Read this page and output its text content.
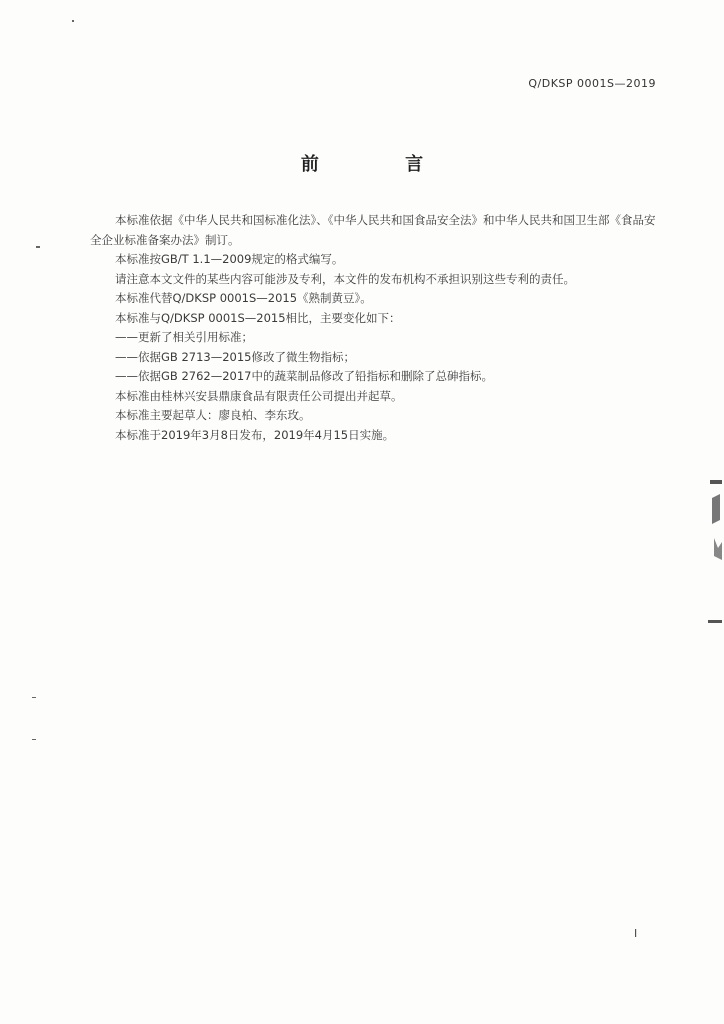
Q/DKSP 0001S—2019
前 言

本标准依据《中华人民共和国标准化法》、《中华人民共和国食品安全法》和中华人民共和国卫生部《食品安全企业标准备案办法》制订。

本标准按GB/T 1.1—2009规定的格式编写。

请注意本文文件的某些内容可能涉及专利，本文件的发布机构不承担识别这些专利的责任。

本标准代替Q/DKSP 0001S—2015《熟制黄豆》。

本标准与Q/DKSP 0001S—2015相比，主要变化如下：

——更新了相关引用标准；

——依据GB 2713—2015修改了微生物指标；

——依据GB 2762—2017中的蔬菜制品修改了铅指标和删除了总砷指标。

本标准由桂林兴安县鼎康食品有限责任公司提出并起草。

本标准主要起草人：廖良柏、李东玫。

本标准于2019年3月8日发布，2019年4月15日实施。

I
